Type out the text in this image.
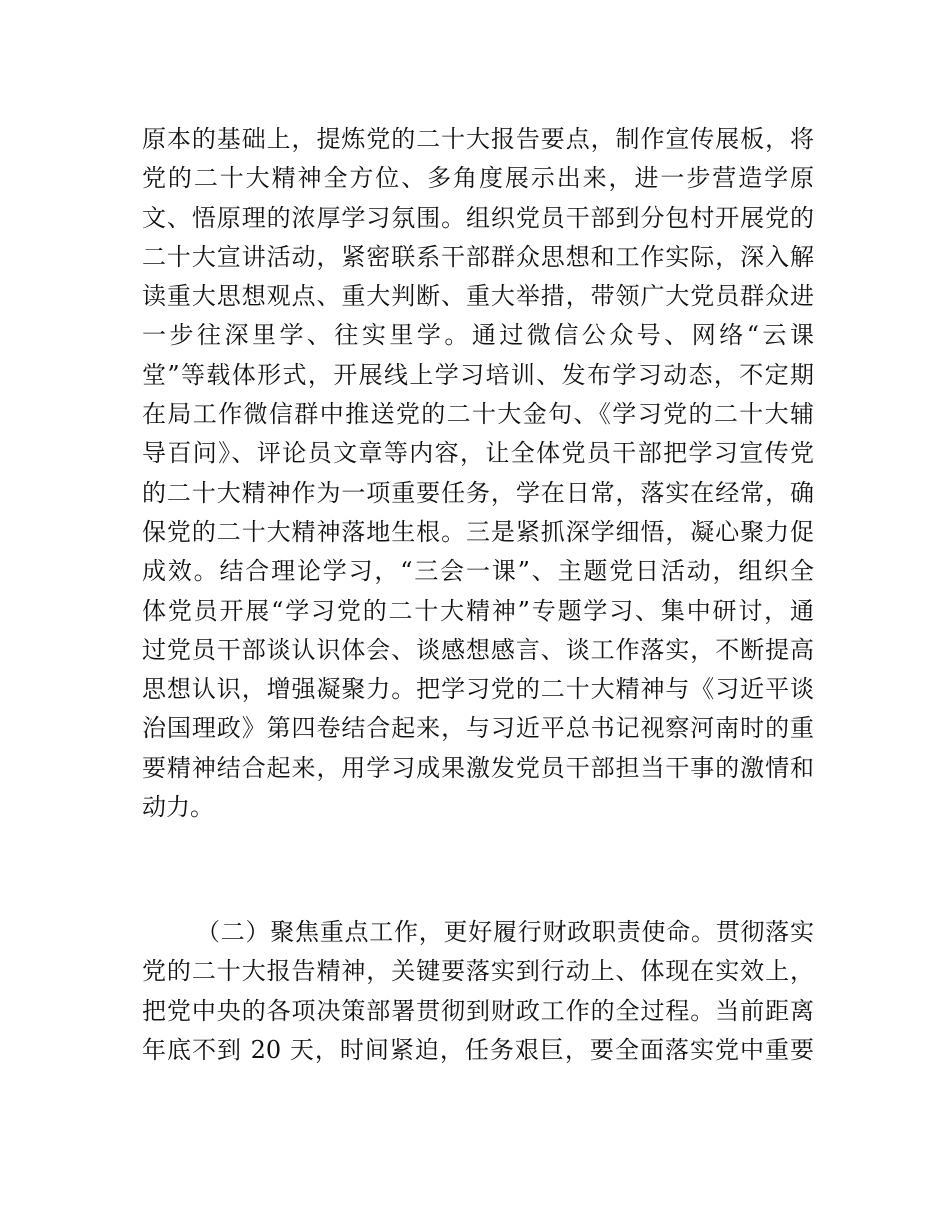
原本的基础上，提炼党的二十大报告要点，制作宣传展板，将
党的二十大精神全方位、多角度展示出来，进一步营造学原
文、悟原理的浓厚学习氛围。组织党员干部到分包村开展党的
二十大宣讲活动，紧密联系干部群众思想和工作实际，深入解
读重大思想观点、重大判断、重大举措，带领广大党员群众进
一步往深里学、往实里学。通过微信公众号、网络“云课
堂”等载体形式，开展线上学习培训、发布学习动态，不定期
在局工作微信群中推送党的二十大金句、《学习党的二十大辅
导百问》、评论员文章等内容，让全体党员干部把学习宣传党
的二十大精神作为一项重要任务，学在日常，落实在经常，确
保党的二十大精神落地生根。三是紧抓深学细悟，凝心聚力促
成效。结合理论学习，“三会一课”、主题党日活动，组织全
体党员开展“学习党的二十大精神”专题学习、集中研讨，通
过党员干部谈认识体会、谈感想感言、谈工作落实，不断提高
思想认识，增强凝聚力。把学习党的二十大精神与《习近平谈
治国理政》第四卷结合起来，与习近平总书记视察河南时的重
要精神结合起来，用学习成果激发党员干部担当干事的激情和
动力。
（二）聚焦重点工作，更好履行财政职责使命。贯彻落实
党的二十大报告精神，关键要落实到行动上、体现在实效上，
把党中央的各项决策部署贯彻到财政工作的全过程。当前距离
年底不到 20 天，时间紧迫，任务艰巨，要全面落实党中重要
